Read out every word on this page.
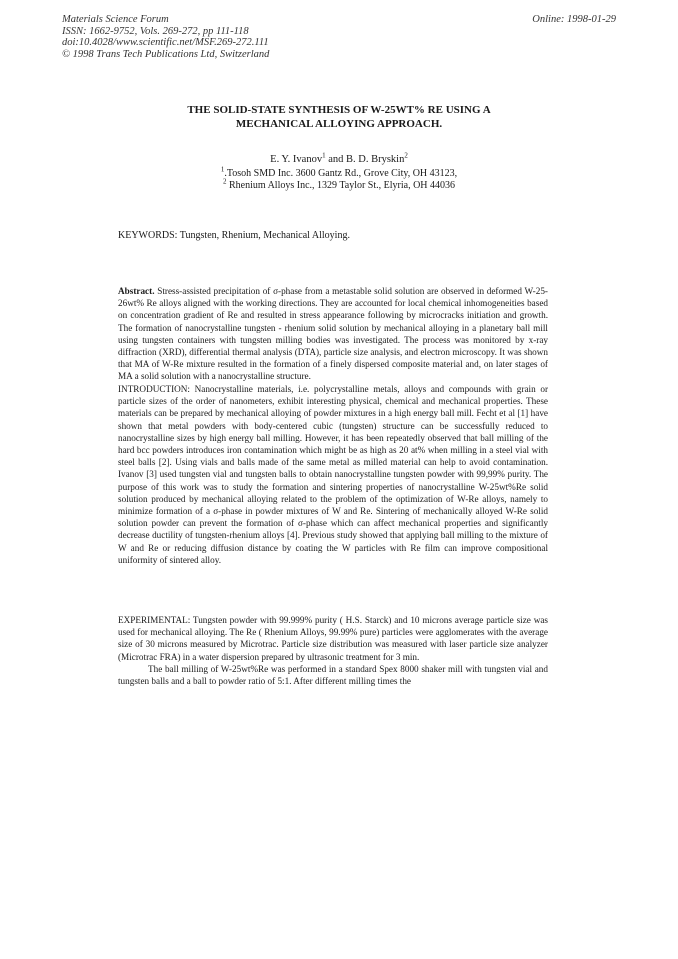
Materials Science Forum
ISSN: 1662-9752, Vols. 269-272, pp 111-118
doi:10.4028/www.scientific.net/MSF.269-272.111
© 1998 Trans Tech Publications Ltd, Switzerland
Online: 1998-01-29
THE SOLID-STATE SYNTHESIS OF W-25WT% RE USING A
MECHANICAL ALLOYING APPROACH.
E. Y. Ivanov$^1$ and B. D. Bryskin$^2$
$^1$.Tosoh SMD Inc. 3600 Gantz Rd., Grove City, OH 43123,
$^2$ Rhenium Alloys Inc., 1329 Taylor St., Elyria, OH 44036
KEYWORDS: Tungsten, Rhenium, Mechanical Alloying.
Abstract. Stress-assisted precipitation of σ-phase from a metastable solid solution are observed in deformed W-25-26wt% Re alloys aligned with the working directions. They are accounted for local chemical inhomogeneities based on concentration gradient of Re and resulted in stress appearance following by microcracks initiation and growth. The formation of nanocrystalline tungsten - rhenium solid solution by mechanical alloying in a planetary ball mill using tungsten containers with tungsten milling bodies was investigated. The process was monitored by x-ray diffraction (XRD), differential thermal analysis (DTA), particle size analysis, and electron microscopy. It was shown that MA of W-Re mixture resulted in the formation of a finely dispersed composite material and, on later stages of MA a solid solution with a nanocrystalline structure.
INTRODUCTION: Nanocrystalline materials, i.e. polycrystalline metals, alloys and compounds with grain or particle sizes of the order of nanometers, exhibit interesting physical, chemical and mechanical properties. These materials can be prepared by mechanical alloying of powder mixtures in a high energy ball mill. Fecht et al [1] have shown that metal powders with body-centered cubic (tungsten) structure can be successfully reduced to nanocrystalline sizes by high energy ball milling. However, it has been repeatedly observed that ball milling of the hard bcc powders introduces iron contamination which might be as high as 20 at% when milling in a steel vial with steel balls [2]. Using vials and balls made of the same metal as milled material can help to avoid contamination. Ivanov [3] used tungsten vial and tungsten balls to obtain nanocrystalline tungsten powder with 99,99% purity. The purpose of this work was to study the formation and sintering properties of nanocrystalline W-25wt%Re solid solution produced by mechanical alloying related to the problem of the optimization of W-Re alloys, namely to minimize formation of a σ-phase in powder mixtures of W and Re. Sintering of mechanically alloyed W-Re solid solution powder can prevent the formation of σ-phase which can affect mechanical properties and significantly decrease ductility of tungsten-rhenium alloys [4]. Previous study showed that applying ball milling to the mixture of W and Re or reducing diffusion distance by coating the W particles with Re film can improve compositional uniformity of sintered alloy.
EXPERIMENTAL: Tungsten powder with 99.999% purity ( H.S. Starck) and 10 microns average particle size was used for mechanical alloying. The Re ( Rhenium Alloys, 99.99% pure) particles were agglomerates with the average size of 30 microns measured by Microtrac. Particle size distribution was measured with laser particle size analyzer (Microtrac FRA) in a water dispersion prepared by ultrasonic treatment for 3 min.
The ball milling of W-25wt%Re was performed in a standard Spex 8000 shaker mill with tungsten vial and tungsten balls and a ball to powder ratio of 5:1. After different milling times the
